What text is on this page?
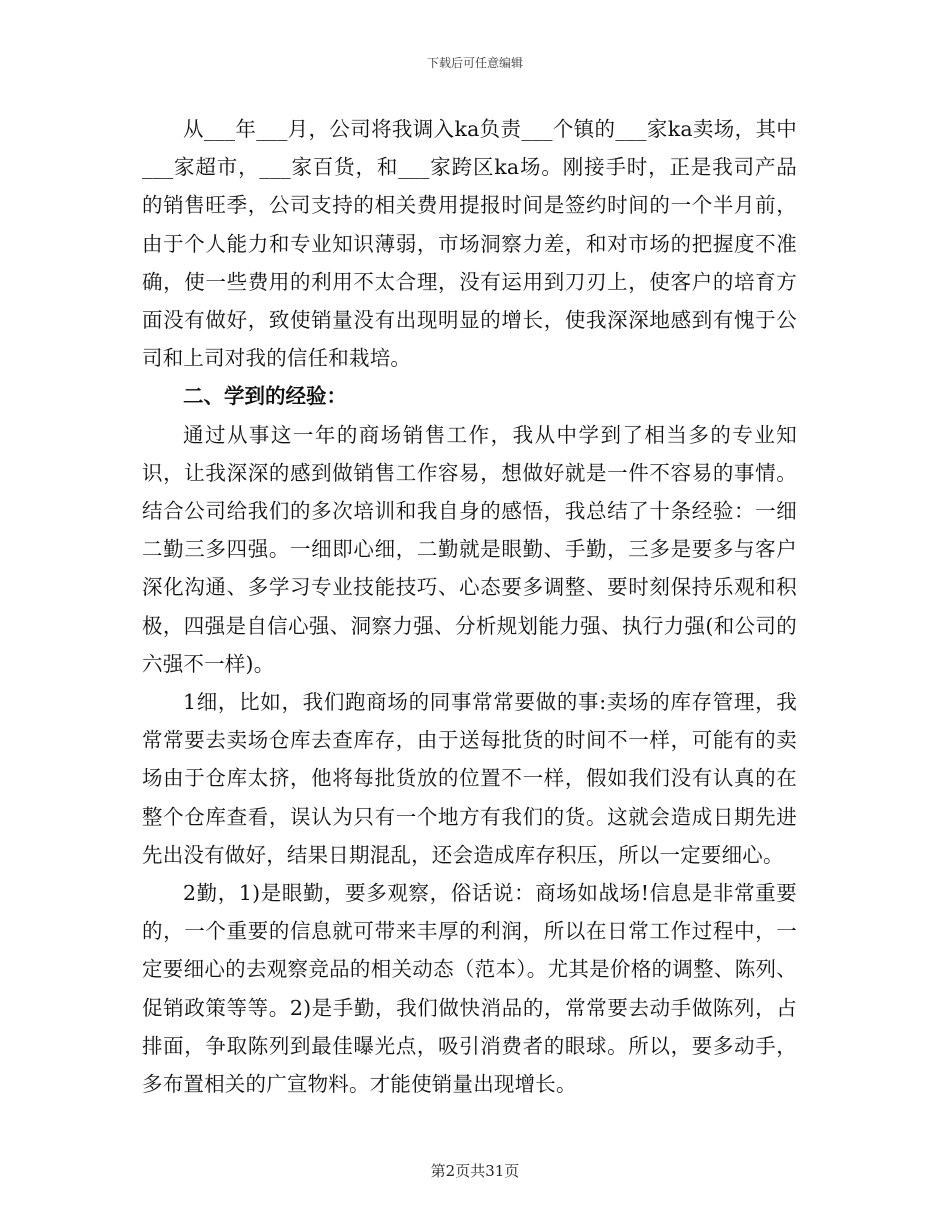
下载后可任意编辑

从___年___月，公司将我调入ka负责___个镇的___家ka卖场，其中___家超市，___家百货，和___家跨区ka场。刚接手时，正是我司产品的销售旺季，公司支持的相关费用提报时间是签约时间的一个半月前，由于个人能力和专业知识薄弱，市场洞察力差，和对市场的把握度不准确，使一些费用的利用不太合理，没有运用到刀刃上，使客户的培育方面没有做好，致使销量没有出现明显的增长，使我深深地感到有愧于公司和上司对我的信任和栽培。

二、学到的经验：

通过从事这一年的商场销售工作，我从中学到了相当多的专业知识，让我深深的感到做销售工作容易，想做好就是一件不容易的事情。结合公司给我们的多次培训和我自身的感悟，我总结了十条经验：一细二勤三多四强。一细即心细，二勤就是眼勤、手勤，三多是要多与客户深化沟通、多学习专业技能技巧、心态要多调整、要时刻保持乐观和积极，四强是自信心强、洞察力强、分析规划能力强、执行力强(和公司的六强不一样)。

1细，比如，我们跑商场的同事常常要做的事:卖场的库存管理，我常常要去卖场仓库去查库存，由于送每批货的时间不一样，可能有的卖场由于仓库太挤，他将每批货放的位置不一样，假如我们没有认真的在整个仓库查看，误认为只有一个地方有我们的货。这就会造成日期先进先出没有做好，结果日期混乱，还会造成库存积压，所以一定要细心。

2勤，1)是眼勤，要多观察，俗话说：商场如战场!信息是非常重要的，一个重要的信息就可带来丰厚的利润，所以在日常工作过程中，一定要细心的去观察竞品的相关动态（范本）。尤其是价格的调整、陈列、促销政策等等。2)是手勤，我们做快消品的，常常要去动手做陈列，占排面，争取陈列到最佳曝光点，吸引消费者的眼球。所以，要多动手，多布置相关的广宣物料。才能使销量出现增长。

第2页共31页
